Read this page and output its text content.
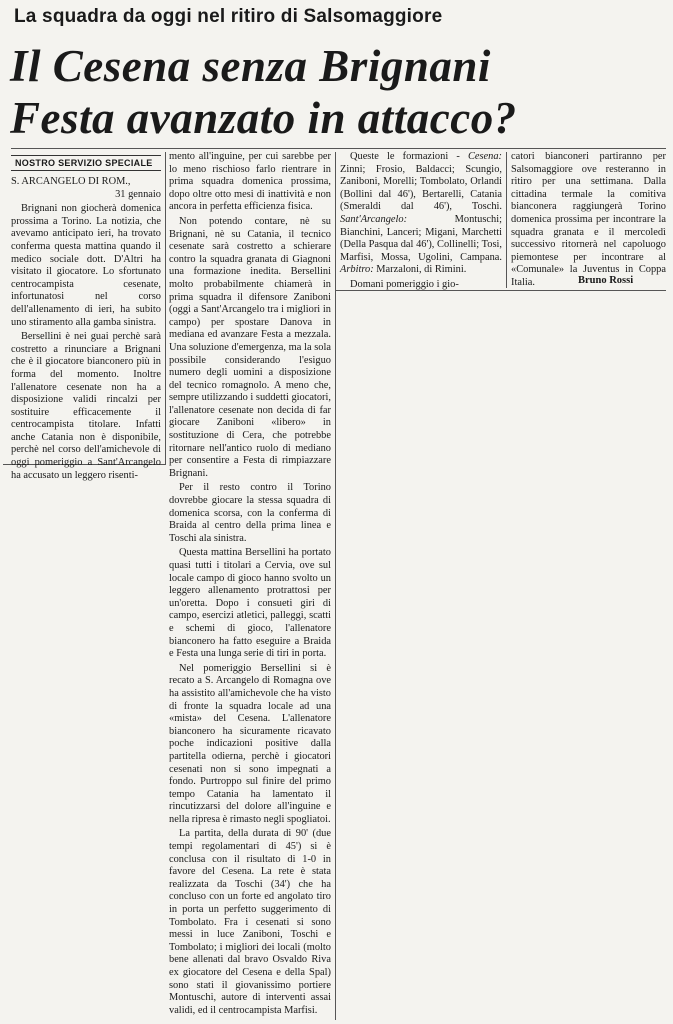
La squadra da oggi nel ritiro di Salsomaggiore
Il Cesena senza Brignani
Festa avanzato in attacco?
NOSTRO SERVIZIO SPECIALE

S. ARCANGELO DI ROM.,
31 gennaio

Brignani non giocherà domenica prossima a Torino. La notizia, che avevamo anticipato ieri, ha trovato conferma questa mattina quando il medico sociale dott. D'Altri ha visitato il giocatore. Lo sfortunato centrocampista cesenate, infortunatosi nel corso dell'allenamento di ieri, ha subito uno stiramento alla gamba sinistra.

Bersellini è nei guai perchè sarà costretto a rinunciare a Brignani che è il giocatore bianconero più in forma del momento. Inoltre l'allenatore cesenate non ha a disposizione validi rincalzi per sostituire efficacemente il centrocampista titolare. Infatti anche Catania non è disponibile, perchè nel corso dell'amichevole di oggi pomeriggio a Sant'Arcangelo ha accusato un leggero risenti-

mento all'inguine, per cui sarebbe per lo meno rischioso farlo rientrare in prima squadra domenica prossima, dopo oltre otto mesi di inattività e non ancora in perfetta efficienza fisica.

Non potendo contare, nè su Brignani, nè su Catania, il tecnico cesenate sarà costretto a schierare contro la squadra granata di Giagnoni una formazione inedita. Bersellini molto probabilmente chiamerà in prima squadra il difensore Zaniboni (oggi a Sant'Arcangelo tra i migliori in campo) per spostare Danova in mediana ed avanzare Festa a mezzala. Una soluzione d'emergenza, ma la sola possibile considerando l'esiguo numero degli uomini a disposizione del tecnico romagnolo. A meno che, sempre utilizzando i suddetti giocatori, l'allenatore cesenate non decida di far giocare Zaniboni «libero» in sostituzione di Cera, che potrebbe ritornare nell'antico ruolo di mediano per consentire a Festa di rimpiazzare Brignani.

Per il resto contro il Torino dovrebbe giocare la stessa squadra di domenica scorsa, con la conferma di Braida al centro della prima linea e Toschi ala sinistra.

Questa mattina Bersellini ha portato quasi tutti i titolari a Cervia, ove sul locale campo di gioco hanno svolto un leggero allenamento protrattosi per un'oretta. Dopo i consueti giri di campo, esercizi atletici, palleggi, scatti e schemi di gioco, l'allenatore bianconero ha fatto eseguire a Braida e Festa una lunga serie di tiri in porta.

Nel pomeriggio Bersellini si è recato a S. Arcangelo di Romagna ove ha assistito all'amichevole che ha visto di fronte la squadra locale ad una «mista» del Cesena. L'allenatore bianconero ha sicuramente ricavato poche indicazioni positive dalla partitella odierna, perchè i giocatori cesenati non si sono impegnati a fondo. Purtroppo sul finire del primo tempo Catania ha lamentato il rincutizzarsi del dolore all'inguine e nella ripresa è rimasto negli spogliatoi.

La partita, della durata di 90' (due tempi regolamentari di 45') si è conclusa con il risultato di 1-0 in favore del Cesena. La rete è stata realizzata da Toschi (34') che ha concluso con un forte ed angolato tiro in porta un perfetto suggerimento di Tombolato. Fra i cesenati si sono messi in luce Zaniboni, Toschi e Tombolato; i migliori dei locali (molto bene allenati dal bravo Osvaldo Riva ex giocatore del Cesena e della Spal) sono stati il giovanissimo portiere Montuschi, autore di interventi assai validi, ed il centrocampista Marfisi.

Queste le formazioni - Cesena: Zinni; Frosio, Baldacci; Scungio, Zaniboni, Morelli; Tombolato, Orlandi (Bollini dal 46'), Bertarelli, Catania (Smeraldi dal 46'), Toschi. Sant'Arcangelo: Montuschi; Bianchini, Lanceri; Migani, Marchetti (Della Pasqua dal 46'), Collinelli; Tosi, Marfisi, Mossa, Ugolini, Campana. Arbitro: Marzaloni, di Rimini.

Domani pomeriggio i gio-

catori bianconeri partiranno per Salsomaggiore ove resteranno in ritiro per una settimana. Dalla cittadina termale la comitiva bianconera raggiungerà Torino domenica prossima per incontrare la squadra granata e il mercoledì successivo ritornerà nel capoluogo piemontese per incontrare al «Comunale» la Juventus in Coppa Italia.	Bruno Rossi
